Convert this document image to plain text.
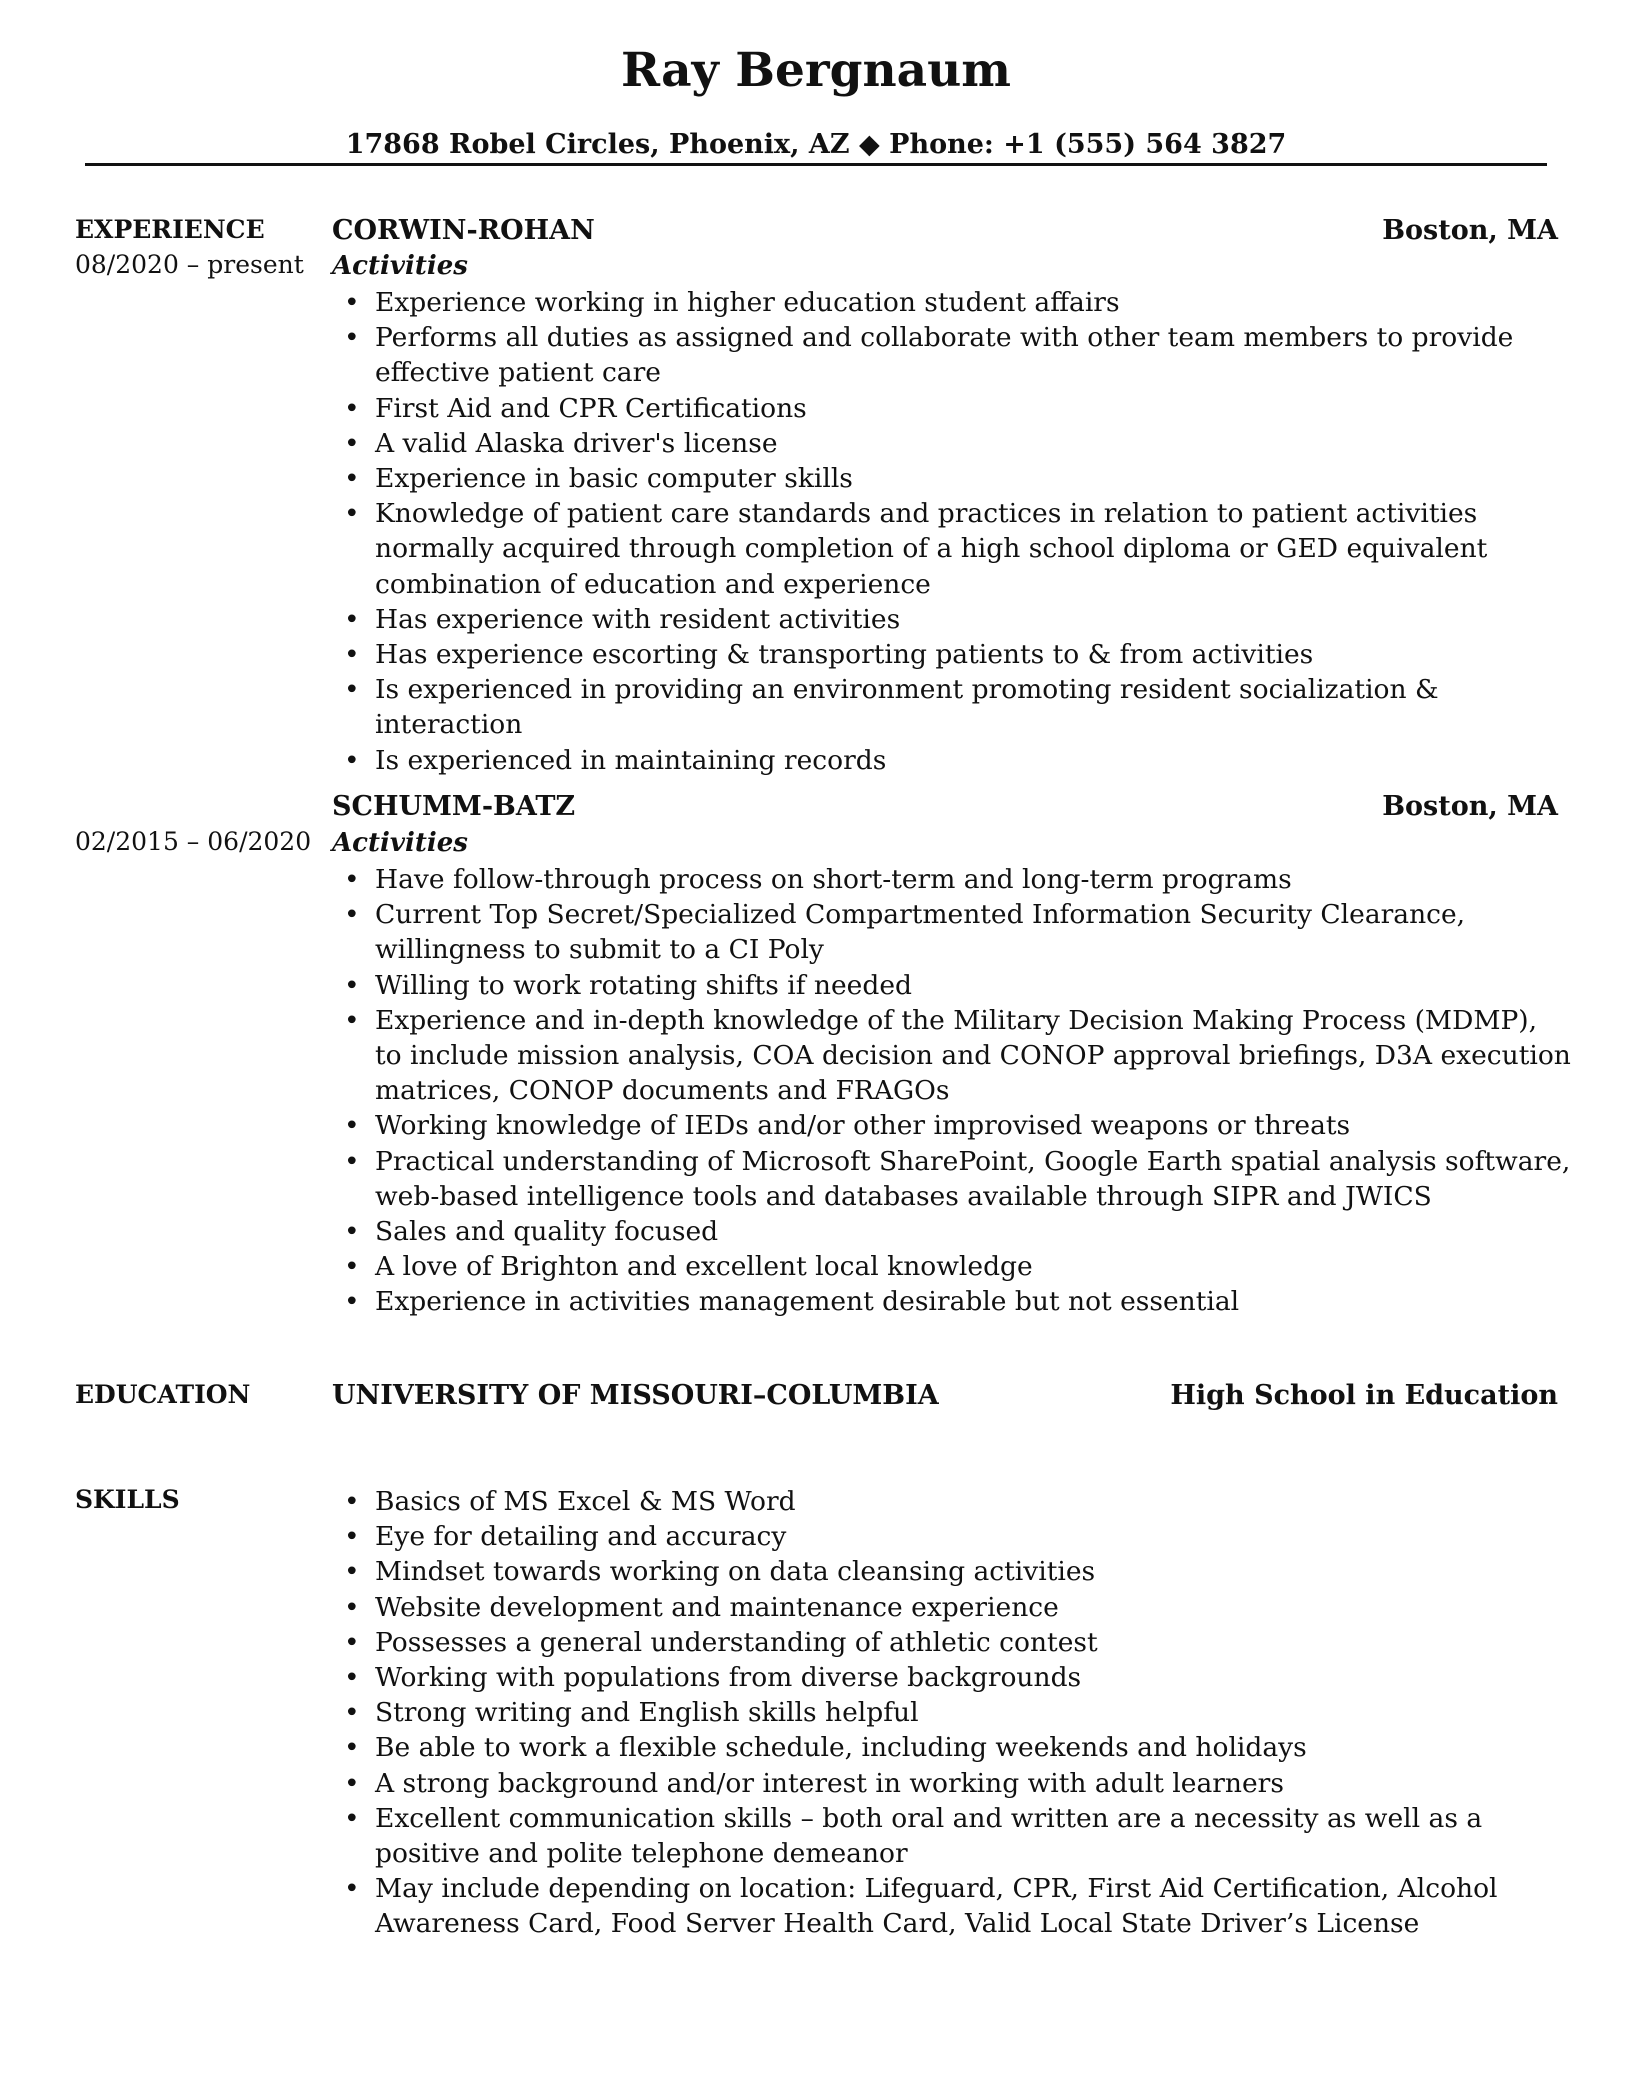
Ray Bergnaum
17868 Robel Circles, Phoenix, AZ ◆ Phone: +1 (555) 564 3827
EXPERIENCE
08/2020 – present
CORWIN-ROHAN	Boston, MA
Activities
• Experience working in higher education student affairs
• Performs all duties as assigned and collaborate with other team members to provide effective patient care
• First Aid and CPR Certifications
• A valid Alaska driver's license
• Experience in basic computer skills
• Knowledge of patient care standards and practices in relation to patient activities normally acquired through completion of a high school diploma or GED equivalent combination of education and experience
• Has experience with resident activities
• Has experience escorting & transporting patients to & from activities
• Is experienced in providing an environment promoting resident socialization & interaction
• Is experienced in maintaining records
02/2015 – 06/2020
SCHUMM-BATZ	Boston, MA
Activities
• Have follow-through process on short-term and long-term programs
• Current Top Secret/Specialized Compartmented Information Security Clearance, willingness to submit to a CI Poly
• Willing to work rotating shifts if needed
• Experience and in-depth knowledge of the Military Decision Making Process (MDMP), to include mission analysis, COA decision and CONOP approval briefings, D3A execution matrices, CONOP documents and FRAGOs
• Working knowledge of IEDs and/or other improvised weapons or threats
• Practical understanding of Microsoft SharePoint, Google Earth spatial analysis software, web-based intelligence tools and databases available through SIPR and JWICS
• Sales and quality focused
• A love of Brighton and excellent local knowledge
• Experience in activities management desirable but not essential
EDUCATION	UNIVERSITY OF MISSOURI–COLUMBIA	High School in Education
SKILLS
•	Basics of MS Excel & MS Word
• Eye for detailing and accuracy
• Mindset towards working on data cleansing activities
• Website development and maintenance experience
• Possesses a general understanding of athletic contest
• Working with populations from diverse backgrounds
• Strong writing and English skills helpful
• Be able to work a flexible schedule, including weekends and holidays
• A strong background and/or interest in working with adult learners
• Excellent communication skills – both oral and written are a necessity as well as a positive and polite telephone demeanor
• May include depending on location: Lifeguard, CPR, First Aid Certification, Alcohol Awareness Card, Food Server Health Card, Valid Local State Driver’s License
